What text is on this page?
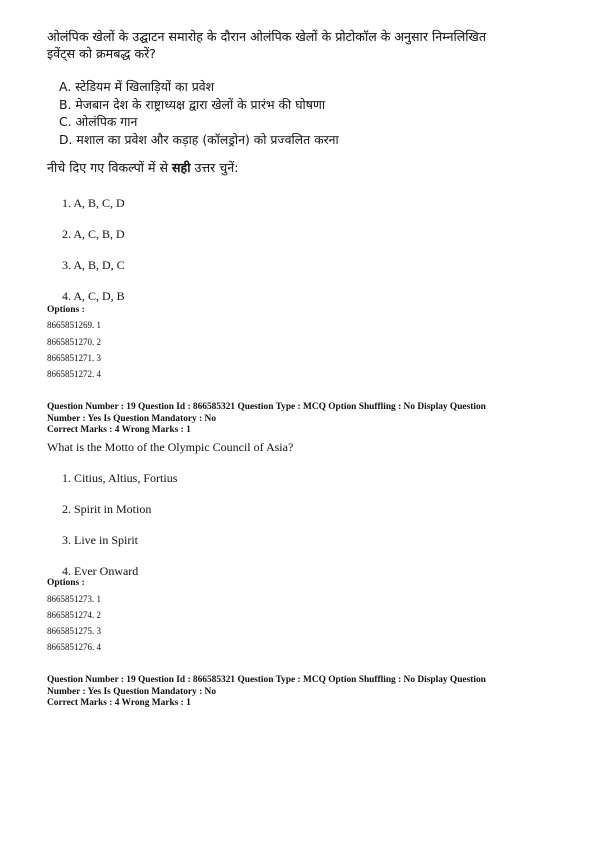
ओलंपिक खेलों के उद्घाटन समारोह के दौरान ओलंपिक खेलों के प्रोटोकॉल के अनुसार निम्नलिखित
इवेंट्स को क्रमबद्ध करें?
A. स्टेडियम में खिलाड़ियों का प्रवेश
B. मेजबान देश के राष्ट्राध्यक्ष द्वारा खेलों के प्रारंभ की घोषणा
C. ओलंपिक गान
D. मशाल का प्रवेश और कड़ाह (कॉलड्रोन) को प्रज्वलित करना
नीचे दिए गए विकल्पों में से सही उत्तर चुनें:
1. A, B, C, D
2. A, C, B, D
3. A, B, D, C
4. A, C, D, B
Options :
8665851269. 1
8665851270. 2
8665851271. 3
8665851272. 4
Question Number : 19 Question Id : 866585321 Question Type : MCQ Option Shuffling : No Display Question
Number : Yes Is Question Mandatory : No
Correct Marks : 4 Wrong Marks : 1
What is the Motto of the Olympic Council of Asia?
1. Citius, Altius, Fortius
2. Spirit in Motion
3. Live in Spirit
4. Ever Onward
Options :
8665851273. 1
8665851274. 2
8665851275. 3
8665851276. 4
Question Number : 19 Question Id : 866585321 Question Type : MCQ Option Shuffling : No Display Question
Number : Yes Is Question Mandatory : No
Correct Marks : 4 Wrong Marks : 1
